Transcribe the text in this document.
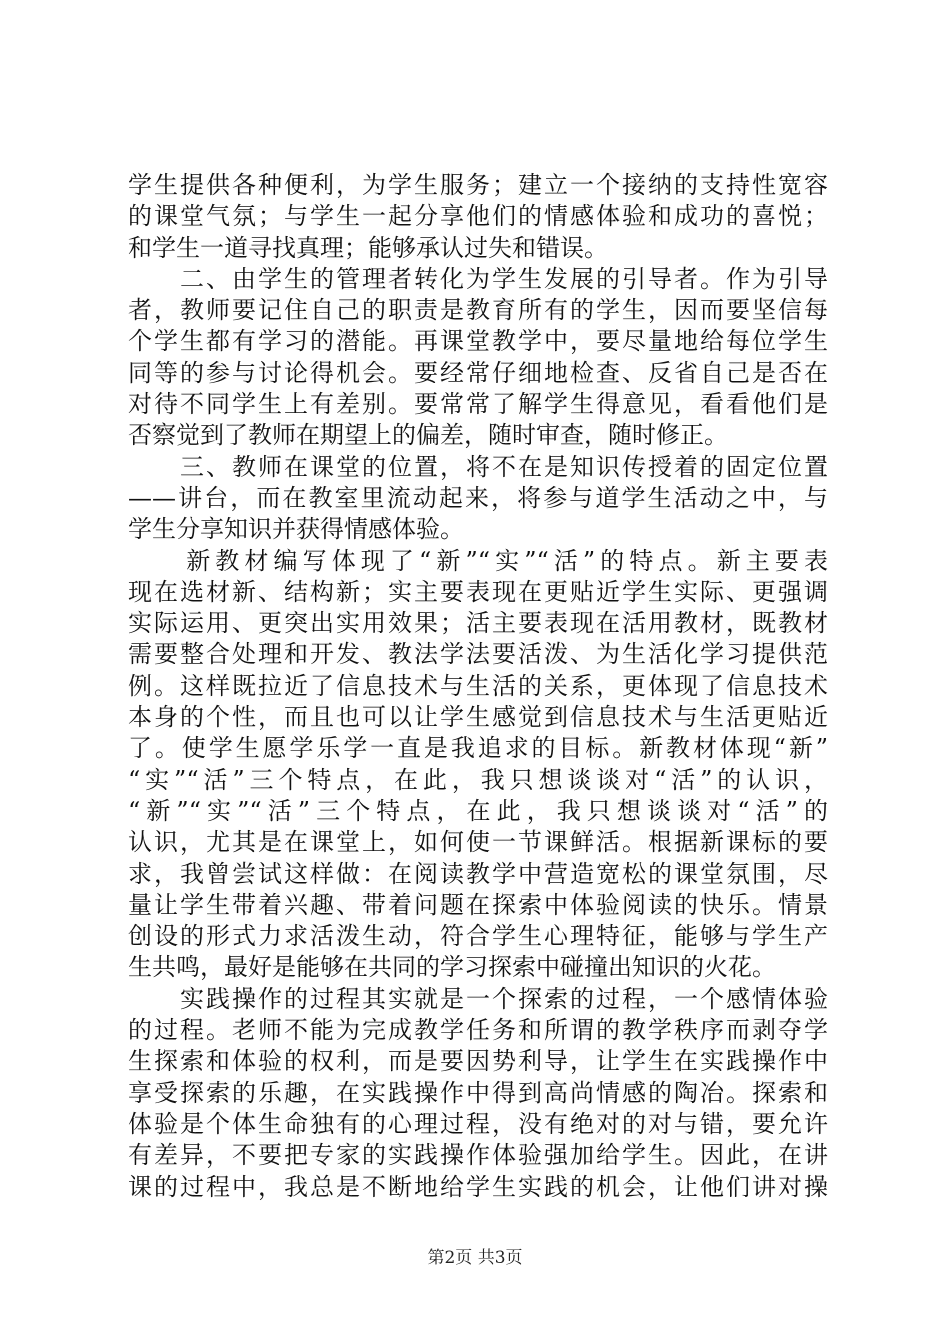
学生提供各种便利，为学生服务；建立一个接纳的支持性宽容
的课堂气氛；与学生一起分享他们的情感体验和成功的喜悦；
和学生一道寻找真理；能够承认过失和错误。
　　二、由学生的管理者转化为学生发展的引导者。作为引导
者，教师要记住自己的职责是教育所有的学生，因而要坚信每
个学生都有学习的潜能。再课堂教学中，要尽量地给每位学生
同等的参与讨论得机会。要经常仔细地检查、反省自己是否在
对待不同学生上有差别。要常常了解学生得意见，看看他们是
否察觉到了教师在期望上的偏差，随时审查，随时修正。
　　三、教师在课堂的位置，将不在是知识传授着的固定位置
——讲台，而在教室里流动起来，将参与道学生活动之中，与
学生分享知识并获得情感体验。
　　新教材编写体现了“新”“实”“活”的特点。新主要表
现在选材新、结构新；实主要表现在更贴近学生实际、更强调
实际运用、更突出实用效果；活主要表现在活用教材，既教材
需要整合处理和开发、教法学法要活泼、为生活化学习提供范
例。这样既拉近了信息技术与生活的关系，更体现了信息技术
本身的个性，而且也可以让学生感觉到信息技术与生活更贴近
了。使学生愿学乐学一直是我追求的目标。新教材体现“新”
“实”“活”三个特点，在此，我只想谈谈对“活”的认识，
“新”“实”“活”三个特点，在此，我只想谈谈对“活”的
认识，尤其是在课堂上，如何使一节课鲜活。根据新课标的要
求，我曾尝试这样做：在阅读教学中营造宽松的课堂氛围，尽
量让学生带着兴趣、带着问题在探索中体验阅读的快乐。情景
创设的形式力求活泼生动，符合学生心理特征，能够与学生产
生共鸣，最好是能够在共同的学习探索中碰撞出知识的火花。
　　实践操作的过程其实就是一个探索的过程，一个感情体验
的过程。老师不能为完成教学任务和所谓的教学秩序而剥夺学
生探索和体验的权利，而是要因势利导，让学生在实践操作中
享受探索的乐趣，在实践操作中得到高尚情感的陶冶。探索和
体验是个体生命独有的心理过程，没有绝对的对与错，要允许
有差异，不要把专家的实践操作体验强加给学生。因此，在讲
课的过程中，我总是不断地给学生实践的机会，让他们讲对操
第2页 共3页
